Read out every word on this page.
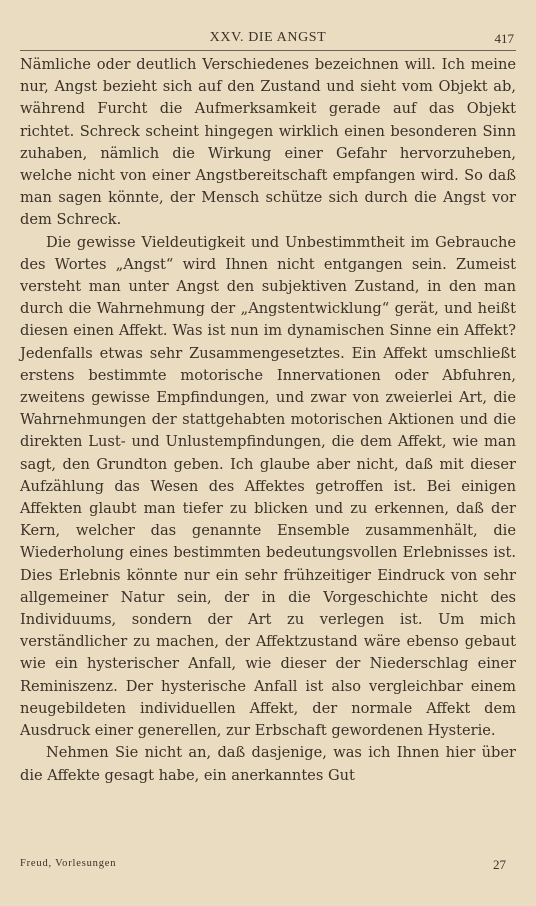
XXV. DIE ANGST	417

Nämliche oder deutlich Verschiedenes bezeichnen will. Ich meine nur, Angst bezieht sich auf den Zustand und sieht vom Objekt ab, während Furcht die Aufmerksamkeit gerade auf das Objekt richtet. Schreck scheint hingegen wirklich einen besonderen Sinn zuhaben, nämlich die Wirkung einer Gefahr hervorzuheben, welche nicht von einer Angstbereitschaft empfangen wird. So daß man sagen könnte, der Mensch schütze sich durch die Angst vor dem Schreck.

Die gewisse Vieldeutigkeit und Unbestimmtheit im Gebrauche des Wortes „Angst“ wird Ihnen nicht entgangen sein. Zumeist versteht man unter Angst den subjektiven Zustand, in den man durch die Wahrnehmung der „Angstentwicklung“ gerät, und heißt diesen einen Affekt. Was ist nun im dynamischen Sinne ein Affekt? Jedenfalls etwas sehr Zusammengesetztes. Ein Affekt umschließt erstens bestimmte motorische Innervationen oder Abfuhren, zweitens gewisse Empfindungen, und zwar von zweierlei Art, die Wahrnehmungen der stattgehabten motorischen Aktionen und die direkten Lust- und Unlustempfindungen, die dem Affekt, wie man sagt, den Grundton geben. Ich glaube aber nicht, daß mit dieser Aufzählung das Wesen des Affektes getroffen ist. Bei einigen Affekten glaubt man tiefer zu blicken und zu erkennen, daß der Kern, welcher das genannte Ensemble zusammenhält, die Wiederholung eines bestimmten bedeutungsvollen Erlebnisses ist. Dies Erlebnis könnte nur ein sehr frühzeitiger Eindruck von sehr allgemeiner Natur sein, der in die Vorgeschichte nicht des Individuums, sondern der Art zu verlegen ist. Um mich verständlicher zu machen, der Affektzustand wäre ebenso gebaut wie ein hysterischer Anfall, wie dieser der Niederschlag einer Reminiszenz. Der hysterische Anfall ist also vergleichbar einem neugebildeten individuellen Affekt, der normale Affekt dem Ausdruck einer generellen, zur Erbschaft gewordenen Hysterie.

Nehmen Sie nicht an, daß dasjenige, was ich Ihnen hier über die Affekte gesagt habe, ein anerkanntes Gut

Freud, Vorlesungen	27
